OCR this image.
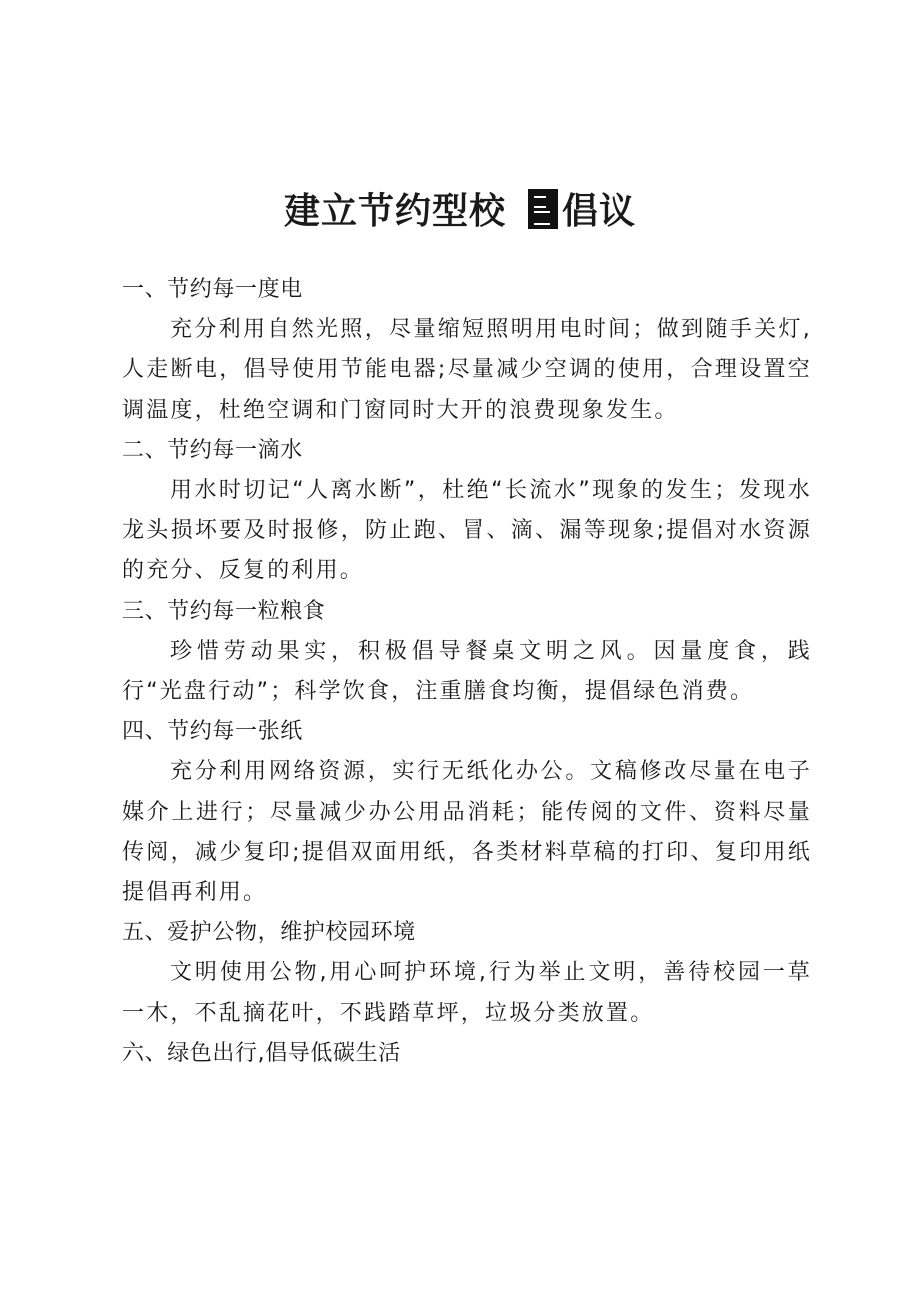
建立节约型校 倡议

一、节约每一度电

充分利用自然光照，尽量缩短照明用电时间；做到随手关灯,人走断电，倡导使用节能电器;尽量减少空调的使用，合理设置空调温度，杜绝空调和门窗同时大开的浪费现象发生。

二、节约每一滴水

用水时切记“人离水断”，杜绝“长流水”现象的发生；发现水龙头损坏要及时报修，防止跑、冒、滴、漏等现象;提倡对水资源的充分、反复的利用。

三、节约每一粒粮食

珍惜劳动果实，积极倡导餐桌文明之风。因量度食，践行“光盘行动”；科学饮食，注重膳食均衡，提倡绿色消费。

四、节约每一张纸

充分利用网络资源，实行无纸化办公。文稿修改尽量在电子媒介上进行；尽量减少办公用品消耗；能传阅的文件、资料尽量传阅，减少复印;提倡双面用纸，各类材料草稿的打印、复印用纸提倡再利用。

五、爱护公物，维护校园环境

文明使用公物,用心呵护环境,行为举止文明，善待校园一草一木，不乱摘花叶，不践踏草坪，垃圾分类放置。

六、绿色出行,倡导低碳生活
